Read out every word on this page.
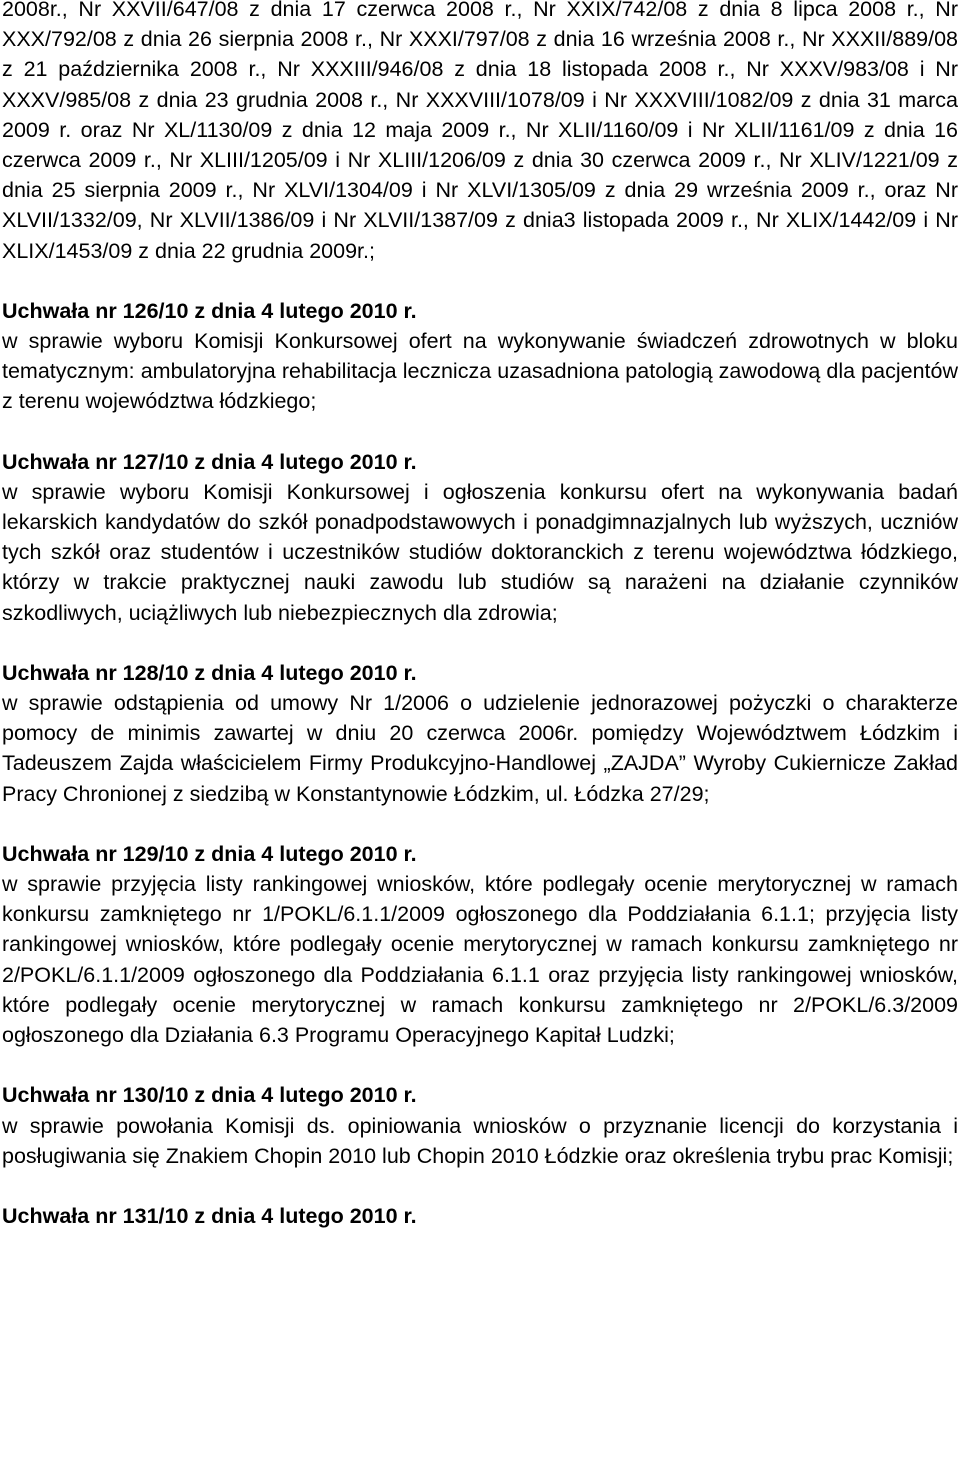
2008r., Nr XXVII/647/08 z dnia 17 czerwca 2008 r., Nr XXIX/742/08 z dnia 8 lipca 2008 r., Nr XXX/792/08 z dnia 26 sierpnia 2008 r., Nr XXXI/797/08 z dnia 16 września 2008 r., Nr XXXII/889/08 z 21 października 2008 r., Nr XXXIII/946/08 z dnia 18 listopada 2008 r., Nr XXXV/983/08 i Nr XXXV/985/08 z dnia 23 grudnia 2008 r., Nr XXXVIII/1078/09 i Nr XXXVIII/1082/09 z dnia 31 marca 2009 r. oraz Nr XL/1130/09 z dnia 12 maja 2009 r., Nr XLII/1160/09 i Nr XLII/1161/09 z dnia 16 czerwca 2009 r., Nr XLIII/1205/09 i Nr XLIII/1206/09 z dnia 30 czerwca 2009 r., Nr XLIV/1221/09 z dnia 25 sierpnia 2009 r., Nr XLVI/1304/09 i Nr XLVI/1305/09 z dnia 29 września 2009 r., oraz Nr XLVII/1332/09, Nr XLVII/1386/09 i Nr XLVII/1387/09 z dnia3 listopada 2009 r., Nr XLIX/1442/09 i Nr XLIX/1453/09 z dnia 22 grudnia 2009r.;

Uchwała nr 126/10 z dnia 4 lutego 2010 r.

w sprawie wyboru Komisji Konkursowej ofert na wykonywanie świadczeń zdrowotnych w bloku tematycznym: ambulatoryjna rehabilitacja lecznicza uzasadniona patologią zawodową dla pacjentów z terenu województwa łódzkiego;

Uchwała nr 127/10 z dnia 4 lutego 2010 r.

w sprawie wyboru Komisji Konkursowej i ogłoszenia konkursu ofert na wykonywania badań lekarskich kandydatów do szkół ponadpodstawowych i ponadgimnazjalnych lub wyższych, uczniów tych szkół oraz studentów i uczestników studiów doktoranckich z terenu województwa łódzkiego, którzy w trakcie praktycznej nauki zawodu lub studiów są narażeni na działanie czynników szkodliwych, uciążliwych lub niebezpiecznych dla zdrowia;

Uchwała nr 128/10 z dnia 4 lutego 2010 r.

w sprawie odstąpienia od umowy Nr 1/2006 o udzielenie jednorazowej pożyczki o charakterze pomocy de minimis zawartej w dniu 20 czerwca 2006r. pomiędzy Województwem Łódzkim i Tadeuszem Zajda właścicielem Firmy Produkcyjno-Handlowej „ZAJDA” Wyroby Cukiernicze Zakład Pracy Chronionej z siedzibą w Konstantynowie Łódzkim, ul. Łódzka 27/29;

Uchwała nr 129/10 z dnia 4 lutego 2010 r.

w sprawie przyjęcia listy rankingowej wniosków, które podlegały ocenie merytorycznej w ramach konkursu zamkniętego nr 1/POKL/6.1.1/2009 ogłoszonego dla Poddziałania 6.1.1; przyjęcia listy rankingowej wniosków, które podlegały ocenie merytorycznej w ramach konkursu zamkniętego nr 2/POKL/6.1.1/2009 ogłoszonego dla Poddziałania 6.1.1 oraz przyjęcia listy rankingowej wniosków, które podlegały ocenie merytorycznej w ramach konkursu zamkniętego nr 2/POKL/6.3/2009 ogłoszonego dla Działania 6.3 Programu Operacyjnego Kapitał Ludzki;

Uchwała nr 130/10 z dnia 4 lutego 2010 r.

w sprawie powołania Komisji ds. opiniowania wniosków o przyznanie licencji do korzystania i posługiwania się Znakiem Chopin 2010 lub Chopin 2010 Łódzkie oraz określenia trybu prac Komisji;

Uchwała nr 131/10 z dnia 4 lutego 2010 r.
